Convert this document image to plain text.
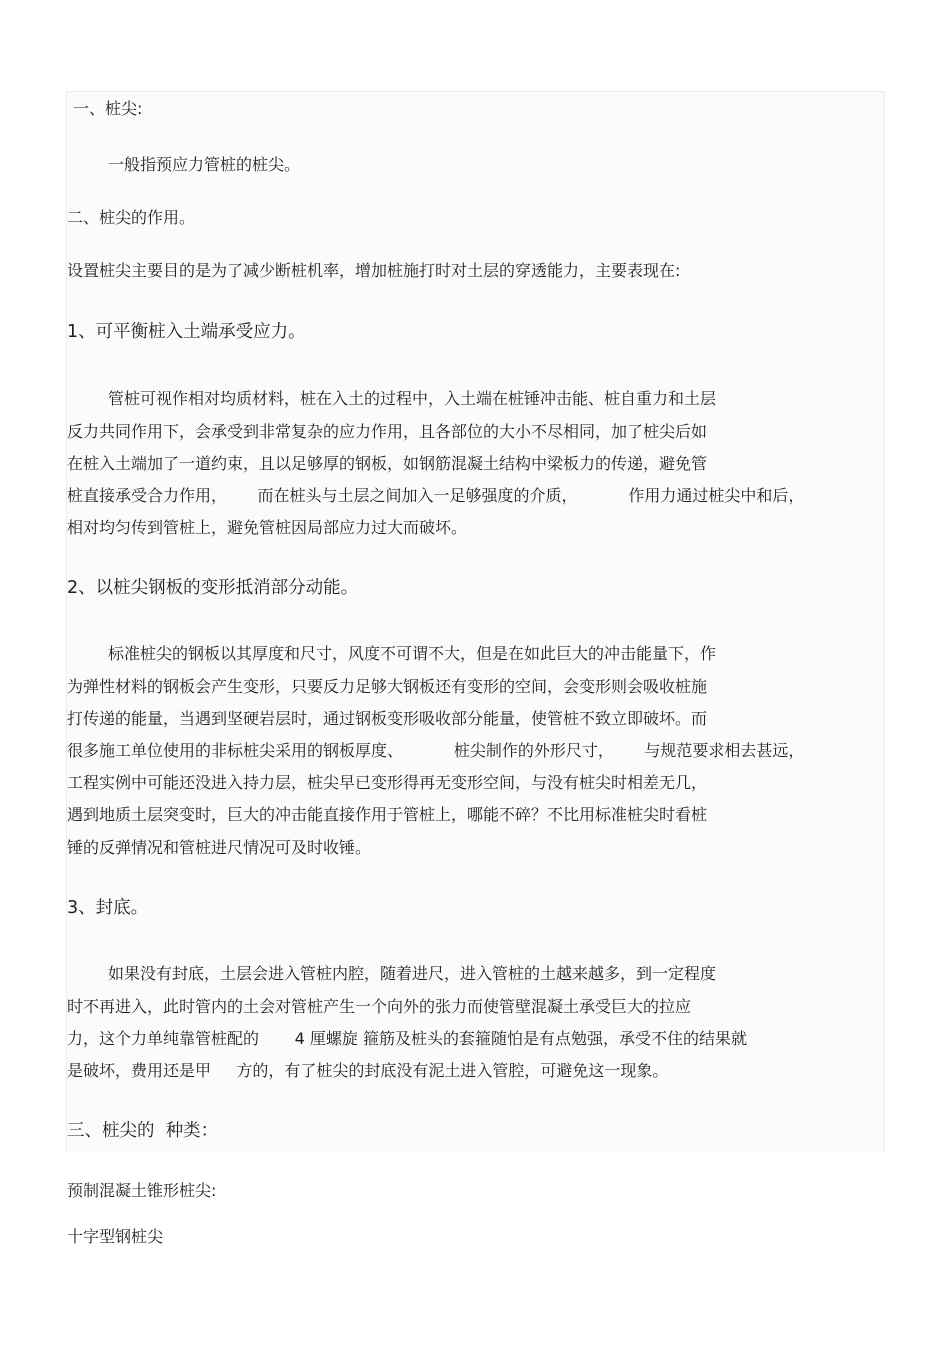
一、桩尖:
一般指预应力管桩的桩尖。
二、桩尖的作用。
设置桩尖主要目的是为了减少断桩机率，增加桩施打时对土层的穿透能力，主要表现在:
1、可平衡桩入土端承受应力。
管桩可视作相对均质材料，桩在入土的过程中，入土端在桩锤冲击能、桩自重力和土层
反力共同作用下，会承受到非常复杂的应力作用，且各部位的大小不尽相同，加了桩尖后如
在桩入土端加了一道约束，且以足够厚的钢板，如钢筋混凝土结构中梁板力的传递，避免管
桩直接承受合力作用，      而在桩头与土层之间加入一足够强度的介质，          作用力通过桩尖中和后，
相对均匀传到管桩上，避免管桩因局部应力过大而破坏。
2、以桩尖钢板的变形抵消部分动能。
标准桩尖的钢板以其厚度和尺寸，风度不可谓不大，但是在如此巨大的冲击能量下，作
为弹性材料的钢板会产生变形，只要反力足够大钢板还有变形的空间，会变形则会吸收桩施
打传递的能量，当遇到坚硬岩层时，通过钢板变形吸收部分能量，使管桩不致立即破坏。而
很多施工单位使用的非标桩尖采用的钢板厚度、          桩尖制作的外形尺寸，      与规范要求相去甚远，
工程实例中可能还没进入持力层，桩尖早已变形得再无变形空间，与没有桩尖时相差无几，
遇到地质土层突变时，巨大的冲击能直接作用于管桩上，哪能不碎？不比用标准桩尖时看桩
锤的反弹情况和管桩进尺情况可及时收锤。
3、封底。
如果没有封底，土层会进入管桩内腔，随着进尺，进入管桩的土越来越多，到一定程度
时不再进入，此时管内的土会对管桩产生一个向外的张力而使管壁混凝土承受巨大的拉应
力，这个力单纯靠管桩配的       4 厘螺旋 箍筋及桩头的套箍随怕是有点勉强，承受不住的结果就
是破坏，费用还是甲     方的，有了桩尖的封底没有泥土进入管腔，可避免这一现象。
三、桩尖的  种类：
预制混凝土锥形桩尖:
十字型钢桩尖
